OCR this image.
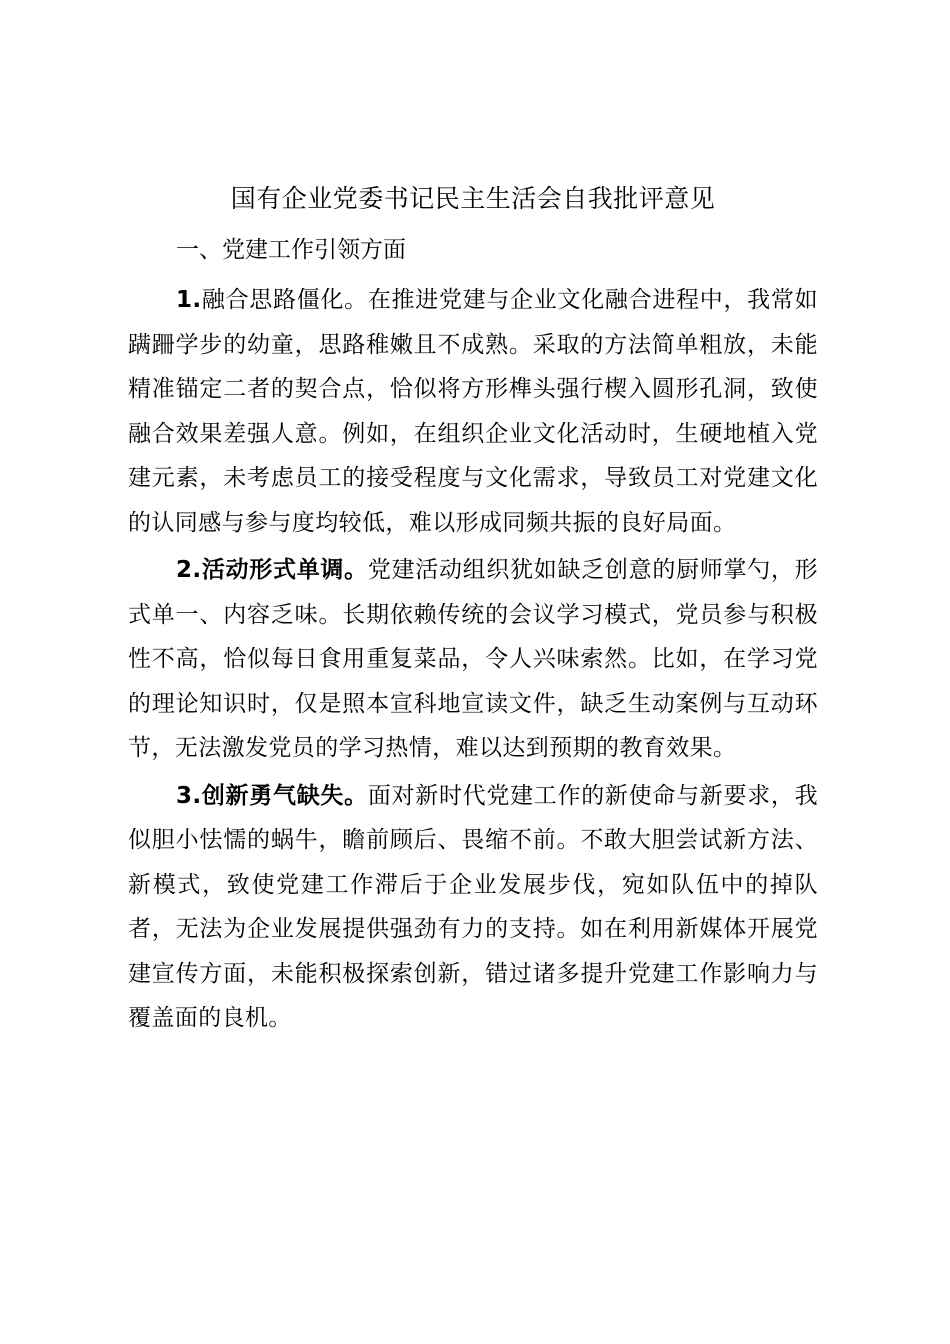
国有企业党委书记民主生活会自我批评意见

一、党建工作引领方面

1.融合思路僵化。在推进党建与企业文化融合进程中，我常如蹒跚学步的幼童，思路稚嫩且不成熟。采取的方法简单粗放，未能精准锚定二者的契合点，恰似将方形榫头强行楔入圆形孔洞，致使融合效果差强人意。例如，在组织企业文化活动时，生硬地植入党建元素，未考虑员工的接受程度与文化需求，导致员工对党建文化的认同感与参与度均较低，难以形成同频共振的良好局面。

2.活动形式单调。党建活动组织犹如缺乏创意的厨师掌勺，形式单一、内容乏味。长期依赖传统的会议学习模式，党员参与积极性不高，恰似每日食用重复菜品，令人兴味索然。比如，在学习党的理论知识时，仅是照本宣科地宣读文件，缺乏生动案例与互动环节，无法激发党员的学习热情，难以达到预期的教育效果。

3.创新勇气缺失。面对新时代党建工作的新使命与新要求，我似胆小怯懦的蜗牛，瞻前顾后、畏缩不前。不敢大胆尝试新方法、新模式，致使党建工作滞后于企业发展步伐，宛如队伍中的掉队者，无法为企业发展提供强劲有力的支持。如在利用新媒体开展党建宣传方面，未能积极探索创新，错过诸多提升党建工作影响力与覆盖面的良机。
